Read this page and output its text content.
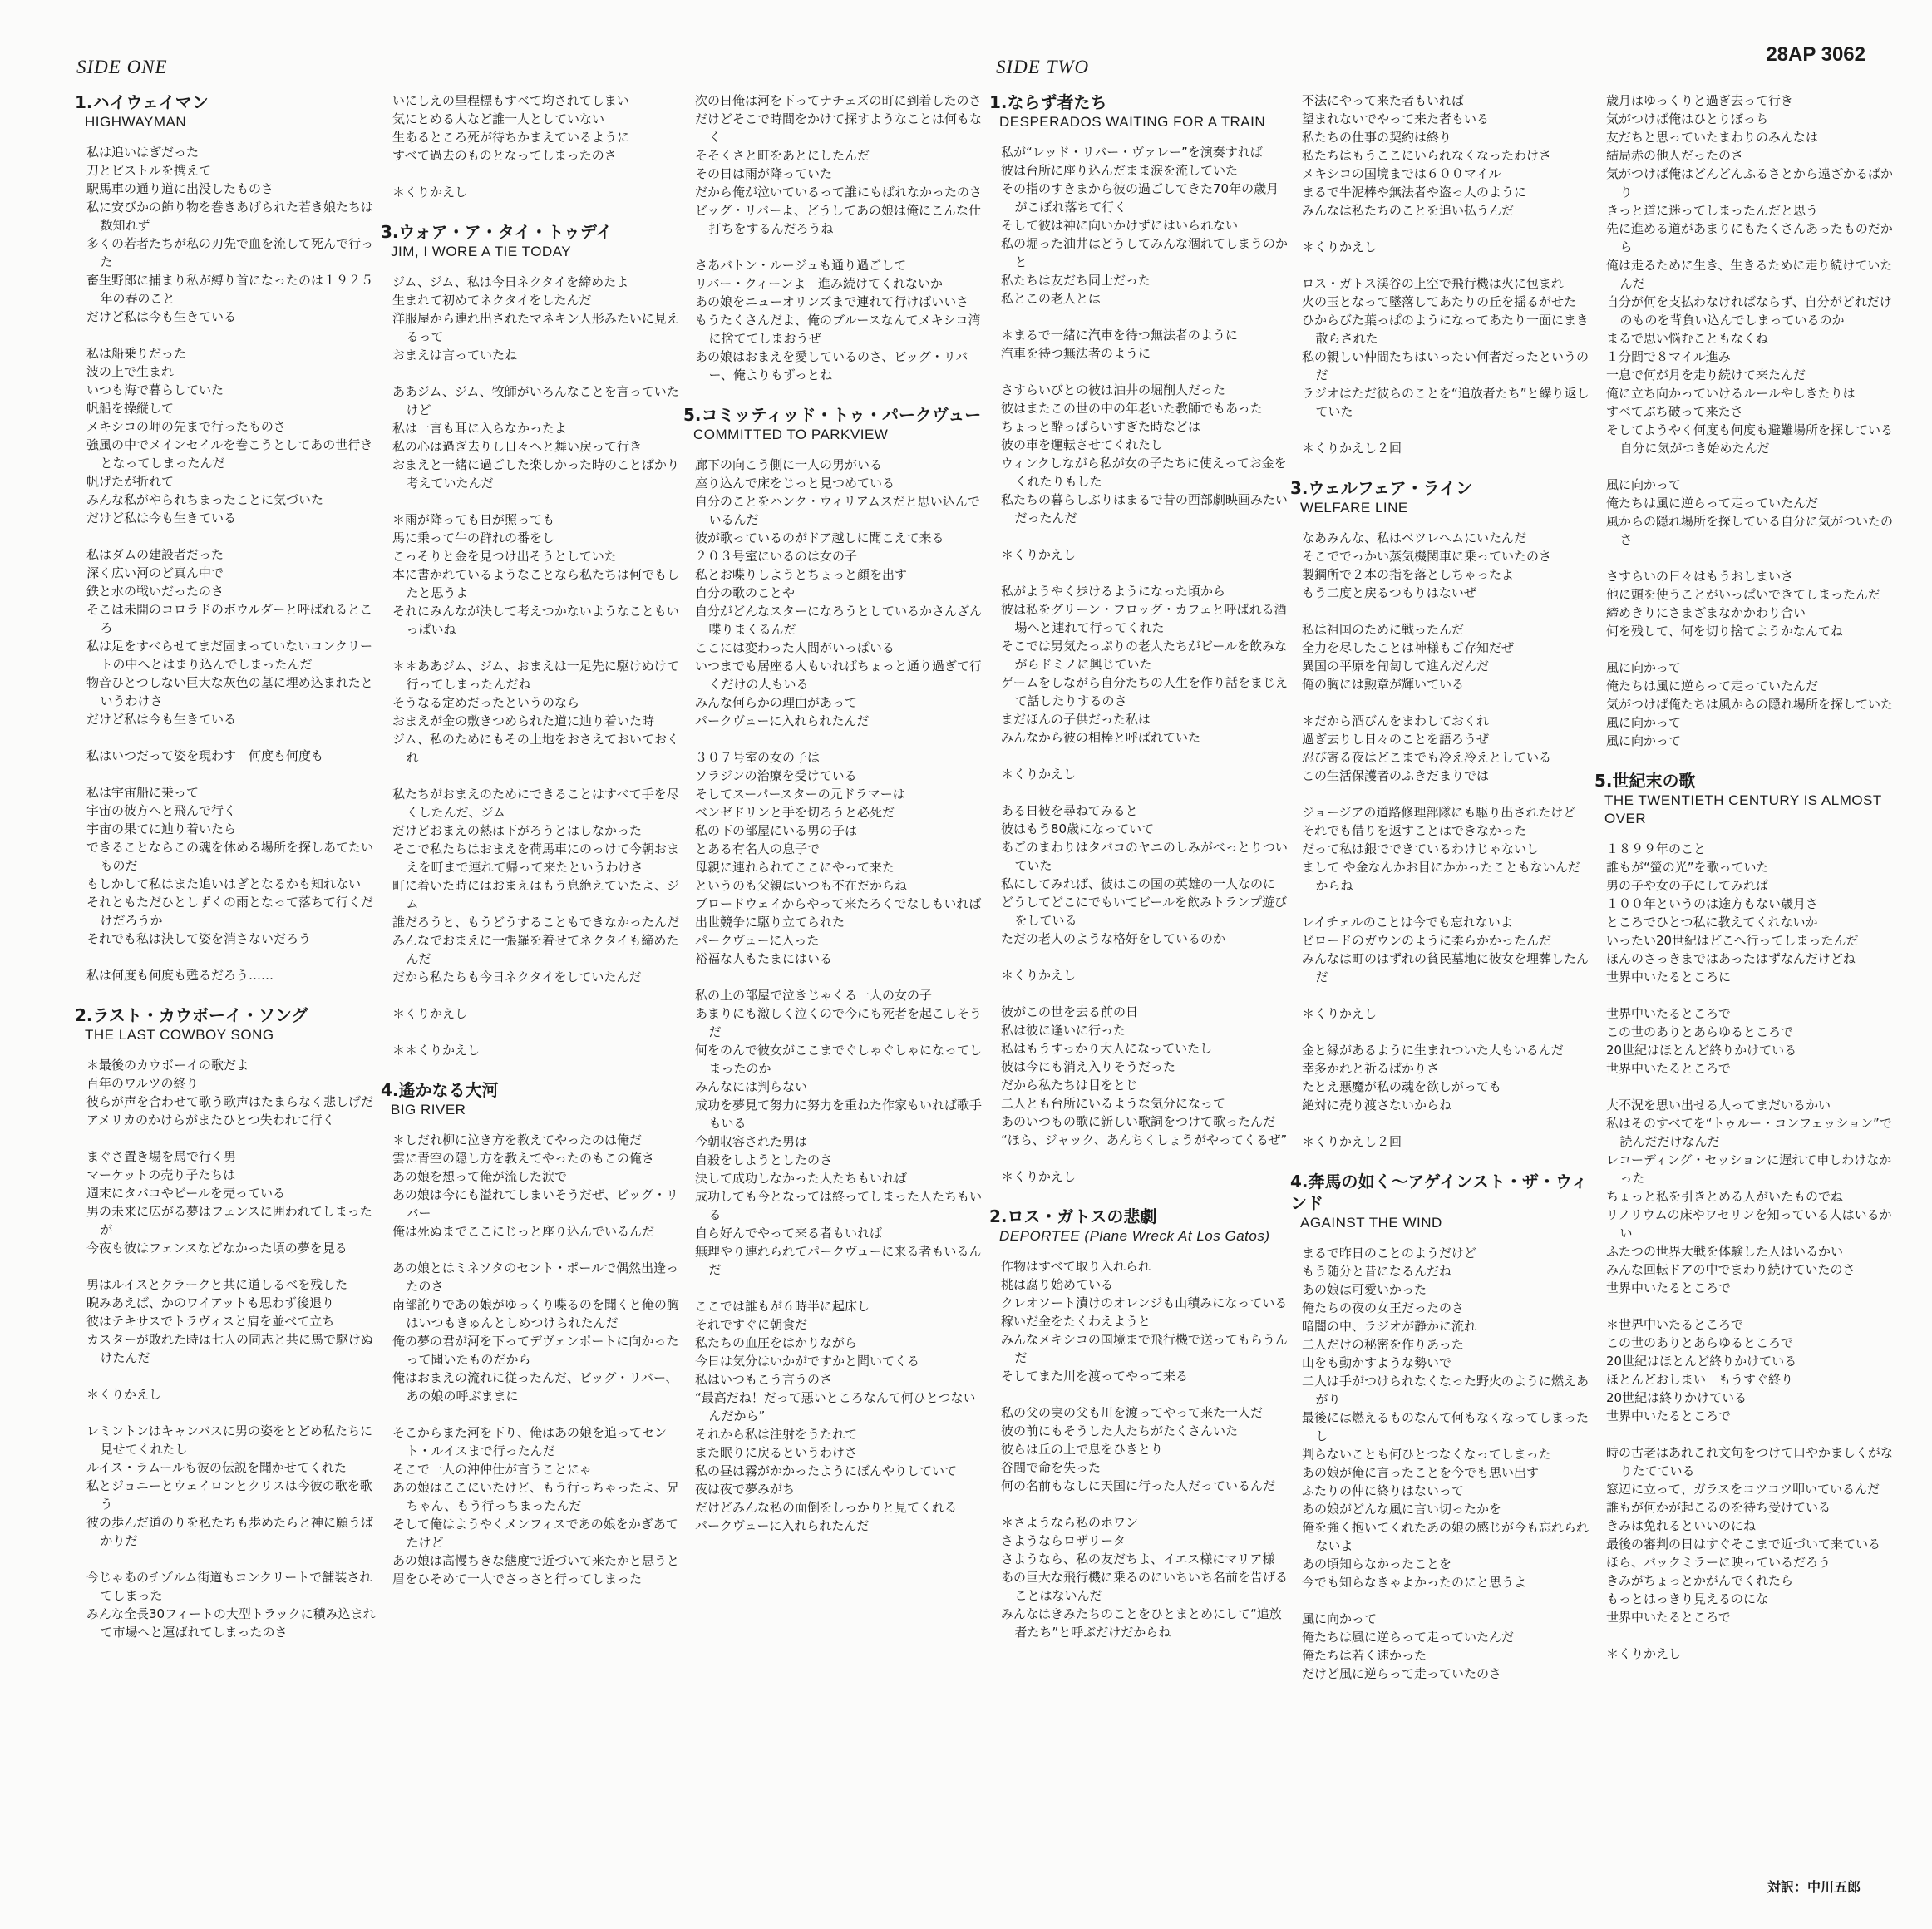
SIDE ONE	SIDE TWO
28AP 3062
1.ハイウェイマン
HIGHWAYMAN
私は追いはぎだった
刀とピストルを携えて
駅馬車の通り道に出没したものさ
私に安びかの飾り物を巻きあげられた若き娘たちは数知れず
多くの若者たちが私の刃先で血を流して死んで行った
畜生野郎に捕まり私が縛り首になったのは１９２５年の春のこと
だけど私は今も生きている
私は船乗りだった
波の上で生まれ
いつも海で暮らしていた
帆船を操縦して
メキシコの岬の先まで行ったものさ
強風の中でメインセイルを巻こうとしてあの世行きとなってしまったんだ
帆げたが折れて
みんな私がやられちまったことに気づいた
だけど私は今も生きている
私はダムの建設者だった
深く広い河のど真ん中で
鉄と水の戦いだったのさ
そこは未開のコロラドのボウルダーと呼ばれるところ
私は足をすべらせてまだ固まっていないコンクリートの中へとはまり込んでしまったんだ
物音ひとつしない巨大な灰色の墓に埋め込まれたというわけさ
だけど私は今も生きている
私はいつだって姿を現わす　何度も何度も
私は宇宙船に乗って
宇宙の彼方へと飛んで行く
宇宙の果てに辿り着いたら
できることならこの魂を休める場所を探しあてたいものだ
もしかして私はまた追いはぎとなるかも知れない
それともただひとしずくの雨となって落ちて行くだけだろうか
それでも私は決して姿を消さないだろう
私は何度も何度も甦るだろう……
2.ラスト・カウボーイ・ソング
THE LAST COWBOY SONG
＊最後のカウボーイの歌だよ
百年のワルツの終り
彼らが声を合わせて歌う歌声はたまらなく悲しげだ
アメリカのかけらがまたひとつ失われて行く
まぐさ置き場を馬で行く男
マーケットの売り子たちは
週末にタバコやビールを売っている
男の未来に広がる夢はフェンスに囲われてしまったが
今夜も彼はフェンスなどなかった頃の夢を見る
男はルイスとクラークと共に道しるべを残した
睨みあえば、かのワイアットも思わず後退り
彼はテキサスでトラヴィスと肩を並べて立ち
カスターが敗れた時は七人の同志と共に馬で駆けぬけたんだ
＊くりかえし
レミントンはキャンバスに男の姿をとどめ私たちに見せてくれたし
ルイス・ラムールも彼の伝説を聞かせてくれた
私とジョニーとウェイロンとクリスは今彼の歌を歌う
彼の歩んだ道のりを私たちも歩めたらと神に願うばかりだ
今じゃあのチゾルム街道もコンクリートで舗装されてしまった
みんな全長30フィートの大型トラックに積み込まれて市場へと運ばれてしまったのさ
いにしえの里程標もすべて均されてしまい
気にとめる人など誰一人としていない
生あるところ死が待ちかまえているように
すべて過去のものとなってしまったのさ
＊くりかえし
3.ウォア・ア・タイ・トゥデイ
JIM, I WORE A TIE TODAY
ジム、ジム、私は今日ネクタイを締めたよ
生まれて初めてネクタイをしたんだ
洋服屋から連れ出されたマネキン人形みたいに見えるって
おまえは言っていたね
ああジム、ジム、牧師がいろんなことを言っていたけど
私は一言も耳に入らなかったよ
私の心は過ぎ去りし日々へと舞い戻って行き
おまえと一緒に過ごした楽しかった時のことばかり考えていたんだ
＊雨が降っても日が照っても
馬に乗って牛の群れの番をし
こっそりと金を見つけ出そうとしていた
本に書かれているようなことなら私たちは何でもしたと思うよ
それにみんなが決して考えつかないようなこともいっぱいね
＊＊ああジム、ジム、おまえは一足先に駆けぬけて行ってしまったんだね
そうなる定めだったというのなら
おまえが金の敷きつめられた道に辿り着いた時
ジム、私のためにもその土地をおさえておいておくれ
私たちがおまえのためにできることはすべて手を尽くしたんだ、ジム
だけどおまえの熱は下がろうとはしなかった
そこで私たちはおまえを荷馬車にのっけて今朝おまえを町まで連れて帰って来たというわけさ
町に着いた時にはおまえはもう息絶えていたよ、ジム
誰だろうと、もうどうすることもできなかったんだ
みんなでおまえに一張羅を着せてネクタイも締めたんだ
だから私たちも今日ネクタイをしていたんだ
＊くりかえし
＊＊くりかえし
4.遙かなる大河
BIG RIVER
＊しだれ柳に泣き方を教えてやったのは俺だ
雲に青空の隠し方を教えてやったのもこの俺さ
あの娘を想って俺が流した涙で
あの娘は今にも溢れてしまいそうだぜ、ビッグ・リバー
俺は死ぬまでここにじっと座り込んでいるんだ
あの娘とはミネソタのセント・ポールで偶然出逢ったのさ
南部訛りであの娘がゆっくり喋るのを聞くと俺の胸はいつもきゅんとしめつけられたんだ
俺の夢の君が河を下ってデヴェンポートに向かったって聞いたものだから
俺はおまえの流れに従ったんだ、ビッグ・リバー、あの娘の呼ぶままに
そこからまた河を下り、俺はあの娘を追ってセント・ルイスまで行ったんだ
そこで一人の沖仲仕が言うことにゃ
あの娘はここにいたけど、もう行っちゃったよ、兄ちゃん、もう行っちまったんだ
そして俺はようやくメンフィスであの娘をかぎあてたけど
あの娘は高慢ちきな態度で近づいて来たかと思うと
眉をひそめて一人でさっさと行ってしまった
次の日俺は河を下ってナチェズの町に到着したのさ
だけどそこで時間をかけて探すようなことは何もなく
そそくさと町をあとにしたんだ
その日は雨が降っていた
だから俺が泣いているって誰にもばれなかったのさ
ビッグ・リバーよ、どうしてあの娘は俺にこんな仕打ちをするんだろうね
さあバトン・ルージュも通り過ごして
リバー・クィーンよ　進み続けてくれないか
あの娘をニューオリンズまで連れて行けばいいさ
もうたくさんだよ、俺のブルースなんてメキシコ湾に捨ててしまおうぜ
あの娘はおまえを愛しているのさ、ビッグ・リバー、俺よりもずっとね
5.コミッティッド・トゥ・パークヴュー
COMMITTED TO PARKVIEW
廊下の向こう側に一人の男がいる
座り込んで床をじっと見つめている
自分のことをハンク・ウィリアムスだと思い込んでいるんだ
彼が歌っているのがドア越しに聞こえて来る
２０３号室にいるのは女の子
私とお喋りしようとちょっと顔を出す
自分の歌のことや
自分がどんなスターになろうとしているかさんざん喋りまくるんだ
ここには変わった人間がいっぱいる
いつまでも居座る人もいればちょっと通り過ぎて行くだけの人もいる
みんな何らかの理由があって
パークヴューに入れられたんだ
３０７号室の女の子は
ソラジンの治療を受けている
そしてスーパースターの元ドラマーは
ベンゼドリンと手を切ろうと必死だ
私の下の部屋にいる男の子は
とある有名人の息子で
母親に連れられてここにやって来た
というのも父親はいつも不在だからね
ブロードウェイからやって来たろくでなしもいれば
出世競争に駆り立てられた
パークヴューに入った
裕福な人もたまにはいる
私の上の部屋で泣きじゃくる一人の女の子
あまりにも激しく泣くので今にも死者を起こしそうだ
何をのんで彼女がここまでぐしゃぐしゃになってしまったのか
みんなには判らない
成功を夢見て努力に努力を重ねた作家もいれば歌手もいる
今朝収容された男は
自殺をしようとしたのさ
決して成功しなかった人たちもいれば
成功しても今となっては終ってしまった人たちもいる
自ら好んでやって来る者もいれば
無理やり連れられてパークヴューに来る者もいるんだ
ここでは誰もが６時半に起床し
それですぐに朝食だ
私たちの血圧をはかりながら
今日は気分はいかがですかと聞いてくる
私はいつもこう言うのさ
“最高だね！だって悪いところなんて何ひとつないんだから”
それから私は注射をうたれて
また眠りに戻るというわけさ
私の昼は霧がかかったようにぼんやりしていて
夜は夜で夢みがち
だけどみんな私の面倒をしっかりと見てくれる
パークヴューに入れられたんだ
1.ならず者たち
DESPERADOS WAITING FOR A TRAIN
私が“レッド・リバー・ヴァレー”を演奏すれば
彼は台所に座り込んだまま涙を流していた
その指のすきまから彼の過ごしてきた70年の歳月がこぼれ落ちて行く
そして彼は神に向いかけずにはいられない
私の堀った油井はどうしてみんな涸れてしまうのかと
私たちは友だち同士だった
私とこの老人とは
＊まるで一緒に汽車を待つ無法者のように
汽車を待つ無法者のように
さすらいびとの彼は油井の堀削人だった
彼はまたこの世の中の年老いた教師でもあった
ちょっと酔っぱらいすぎた時などは
彼の車を運転させてくれたし
ウィンクしながら私が女の子たちに使えってお金をくれたりもした
私たちの暮らしぶりはまるで昔の西部劇映画みたいだったんだ
＊くりかえし
私がようやく歩けるようになった頃から
彼は私をグリーン・フロッグ・カフェと呼ばれる酒場へと連れて行ってくれた
そこでは男気たっぷりの老人たちがビールを飲みながらドミノに興じていた
ゲームをしながら自分たちの人生を作り話をまじえて話したりするのさ
まだほんの子供だった私は
みんなから彼の相棒と呼ばれていた
＊くりかえし
ある日彼を尋ねてみると
彼はもう80歳になっていて
あごのまわりはタバコのヤニのしみがべっとりついていた
私にしてみれば、彼はこの国の英雄の一人なのに
どうしてどこにでもいてビールを飲みトランプ遊びをしている
ただの老人のような格好をしているのか
＊くりかえし
彼がこの世を去る前の日
私は彼に逢いに行った
私はもうすっかり大人になっていたし
彼は今にも消え入りそうだった
だから私たちは目をとじ
二人とも台所にいるような気分になって
あのいつもの歌に新しい歌詞をつけて歌ったんだ
“ほら、ジャック、あんちくしょうがやってくるぜ”
＊くりかえし
2.ロス・ガトスの悲劇
DEPORTEE (Plane Wreck At Los Gatos)
作物はすべて取り入れられ
桃は腐り始めている
クレオソート漬けのオレンジも山積みになっている
稼いだ金をたくわえようと
みんなメキシコの国境まで飛行機で送ってもらうんだ
そしてまた川を渡ってやって来る
私の父の実の父も川を渡ってやって来た一人だ
彼の前にもそうした人たちがたくさんいた
彼らは丘の上で息をひきとり
谷間で命を失った
何の名前もなしに天国に行った人だっているんだ
＊さようなら私のホワン
さようならロザリータ
さようなら、私の友だちよ、イエス様にマリア様
あの巨大な飛行機に乗るのにいちいち名前を告げることはないんだ
みんなはきみたちのことをひとまとめにして“追放者たち”と呼ぶだけだからね
不法にやって来た者もいれば
望まれないでやって来た者もいる
私たちの仕事の契約は終り
私たちはもうここにいられなくなったわけさ
メキシコの国境までは６００マイル
まるで牛泥棒や無法者や盗っ人のように
みんなは私たちのことを追い払うんだ
＊くりかえし
ロス・ガトス渓谷の上空で飛行機は火に包まれ
火の玉となって墜落してあたりの丘を揺るがせた
ひからびた葉っぱのようになってあたり一面にまき散らされた
私の親しい仲間たちはいったい何者だったというのだ
ラジオはただ彼らのことを“追放者たち”と繰り返していた
＊くりかえし２回
3.ウェルフェア・ライン
WELFARE LINE
なあみんな、私はベツレヘムにいたんだ
そこででっかい蒸気機関車に乗っていたのさ
製鋼所で２本の指を落としちゃったよ
もう二度と戻るつもりはないぜ
私は祖国のために戦ったんだ
全力を尽したことは神様もご存知だぜ
異国の平原を匍匐して進んだんだ
俺の胸には勲章が輝いている
＊だから酒びんをまわしておくれ
過ぎ去りし日々のことを語ろうぜ
忍び寄る夜はどこまでも冷え冷えとしている
この生活保護者のふきだまりでは
ジョージアの道路修理部隊にも駆り出されたけど
それでも借りを返すことはできなかった
だって私は銀でできているわけじゃないし
まして や金なんかお目にかかったこともないんだからね
レイチェルのことは今でも忘れないよ
ビロードのガウンのように柔らかかったんだ
みんなは町のはずれの貧民墓地に彼女を埋葬したんだ
＊くりかえし
金と縁があるように生まれついた人もいるんだ
幸多かれと祈るばかりさ
たとえ悪魔が私の魂を欲しがっても
絶対に売り渡さないからね
＊くりかえし２回
4.奔馬の如く〜アゲインスト・ザ・ウィンド
AGAINST THE WIND
まるで昨日のことのようだけど
もう随分と昔になるんだね
あの娘は可愛いかった
俺たちの夜の女王だったのさ
暗闇の中、ラジオが静かに流れ
二人だけの秘密を作りあった
山をも動かすような勢いで
二人は手がつけられなくなった野火のように燃えあがり
最後には燃えるものなんて何もなくなってしまったし
判らないことも何ひとつなくなってしまった
あの娘が俺に言ったことを今でも思い出す
ふたりの仲に終りはないって
あの娘がどんな風に言い切ったかを
俺を強く抱いてくれたあの娘の感じが今も忘れられないよ
あの頃知らなかったことを
今でも知らなきゃよかったのにと思うよ
風に向かって
俺たちは風に逆らって走っていたんだ
俺たちは若く速かった
だけど風に逆らって走っていたのさ
歳月はゆっくりと過ぎ去って行き
気がつけば俺はひとりぼっち
友だちと思っていたまわりのみんなは
結局赤の他人だったのさ
気がつけば俺はどんどんふるさとから遠ざかるばかり
きっと道に迷ってしまったんだと思う
先に進める道があまりにもたくさんあったものだから
俺は走るために生き、生きるために走り続けていたんだ
自分が何を支払わなければならず、自分がどれだけのものを背負い込んでしまっているのか
まるで思い悩むこともなくね
１分間で８マイル進み
一息で何が月を走り続けて来たんだ
俺に立ち向かっていけるルールやしきたりは
すべてぶち破って来たさ
そしてようやく何度も何度も避難場所を探している自分に気がつき始めたんだ
風に向かって
俺たちは風に逆らって走っていたんだ
風からの隠れ場所を探している自分に気がついたのさ
さすらいの日々はもうおしまいさ
他に頭を使うことがいっぱいできてしまったんだ
締めきりにさまざまなかかわり合い
何を残して、何を切り捨てようかなんてね
風に向かって
俺たちは風に逆らって走っていたんだ
気がつけば俺たちは風からの隠れ場所を探していた
風に向かって
風に向かって
5.世紀末の歌
THE TWENTIETH CENTURY IS ALMOST OVER
１８９９年のこと
誰もが“螢の光”を歌っていた
男の子や女の子にしてみれば
１００年というのは途方もない歳月さ
ところでひとつ私に教えてくれないか
いったい20世紀はどこへ行ってしまったんだ
ほんのさっきまではあったはずなんだけどね
世界中いたるところに
世界中いたるところで
この世のありとあらゆるところで
20世紀はほとんど終りかけている
世界中いたるところで
大不況を思い出せる人ってまだいるかい
私はそのすべてを“トゥルー・コンフェッション”で読んだだけなんだ
レコーディング・セッションに遅れて申しわけなかった
ちょっと私を引きとめる人がいたものでね
リノリウムの床やワセリンを知っている人はいるかい
ふたつの世界大戦を体験した人はいるかい
みんな回転ドアの中でまわり続けていたのさ
世界中いたるところで
＊世界中いたるところで
この世のありとあらゆるところで
20世紀はほとんど終りかけている
ほとんどおしまい　もうすぐ終り
20世紀は終りかけている
世界中いたるところで
時の古老はあれこれ文句をつけて口やかましくがなりたてている
窓辺に立って、ガラスをコツコツ叩いているんだ
誰もが何かが起こるのを待ち受けている
きみは免れるといいのにね
最後の審判の日はすぐそこまで近づいて来ている
ほら、バックミラーに映っているだろう
きみがちょっとかがんでくれたら
もっとはっきり見えるのにな
世界中いたるところで
＊くりかえし
対訳：中川五郎
